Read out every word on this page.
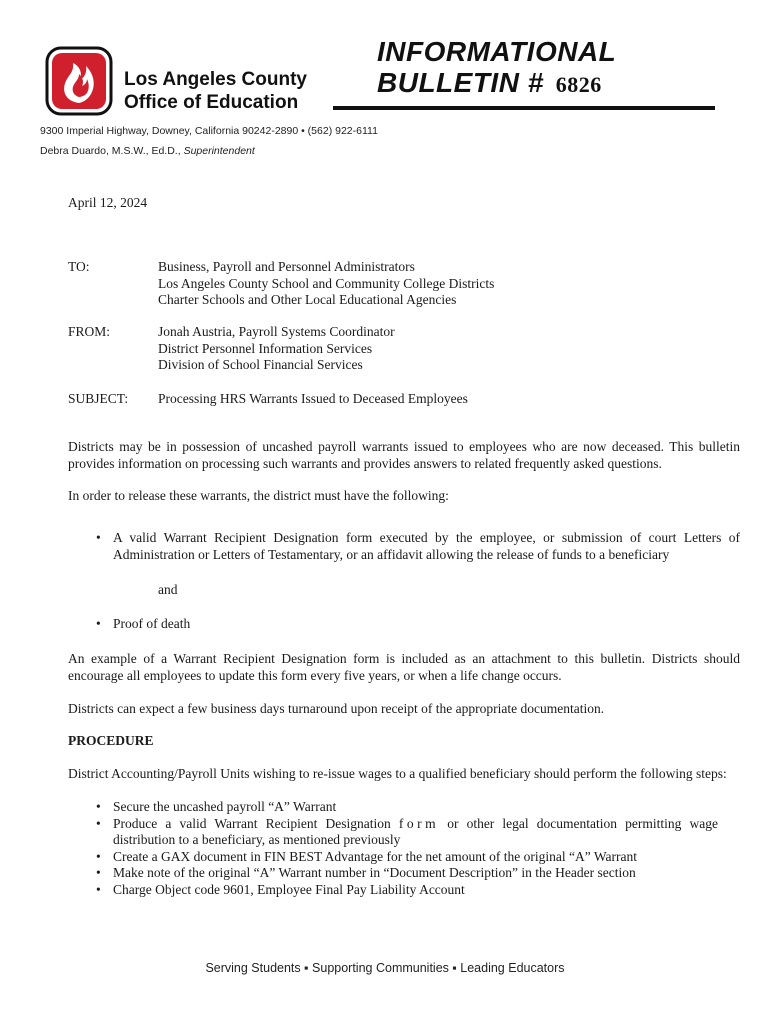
Los Angeles County
Office of Education
INFORMATIONAL
BULLETIN # 6826
9300 Imperial Highway, Downey, California 90242-2890 • (562) 922-6111
Debra Duardo, M.S.W., Ed.D., Superintendent
April 12, 2024
TO:	Business, Payroll and Personnel Administrators
Los Angeles County School and Community College Districts
Charter Schools and Other Local Educational Agencies
FROM:	Jonah Austria, Payroll Systems Coordinator
District Personnel Information Services
Division of School Financial Services
SUBJECT: Processing HRS Warrants Issued to Deceased Employees
Districts may be in possession of uncashed payroll warrants issued to employees who are now deceased. This bulletin provides information on processing such warrants and provides answers to related frequently asked questions.
In order to release these warrants, the district must have the following:
• A valid Warrant Recipient Designation form executed by the employee, or submission of court Letters of Administration or Letters of Testamentary, or an affidavit allowing the release of funds to a beneficiary
and
• Proof of death
An example of a Warrant Recipient Designation form is included as an attachment to this bulletin. Districts should encourage all employees to update this form every five years, or when a life change occurs.
Districts can expect a few business days turnaround upon receipt of the appropriate documentation.
PROCEDURE
District Accounting/Payroll Units wishing to re-issue wages to a qualified beneficiary should perform the following steps:
• Secure the uncashed payroll “A” Warrant
• Produce a valid Warrant Recipient Designation form or other legal documentation permitting wage distribution to a beneficiary, as mentioned previously
• Create a GAX document in FIN BEST Advantage for the net amount of the original “A” Warrant
• Make note of the original “A” Warrant number in “Document Description” in the Header section
• Charge Object code 9601, Employee Final Pay Liability Account
Serving Students ▪ Supporting Communities ▪ Leading Educators
